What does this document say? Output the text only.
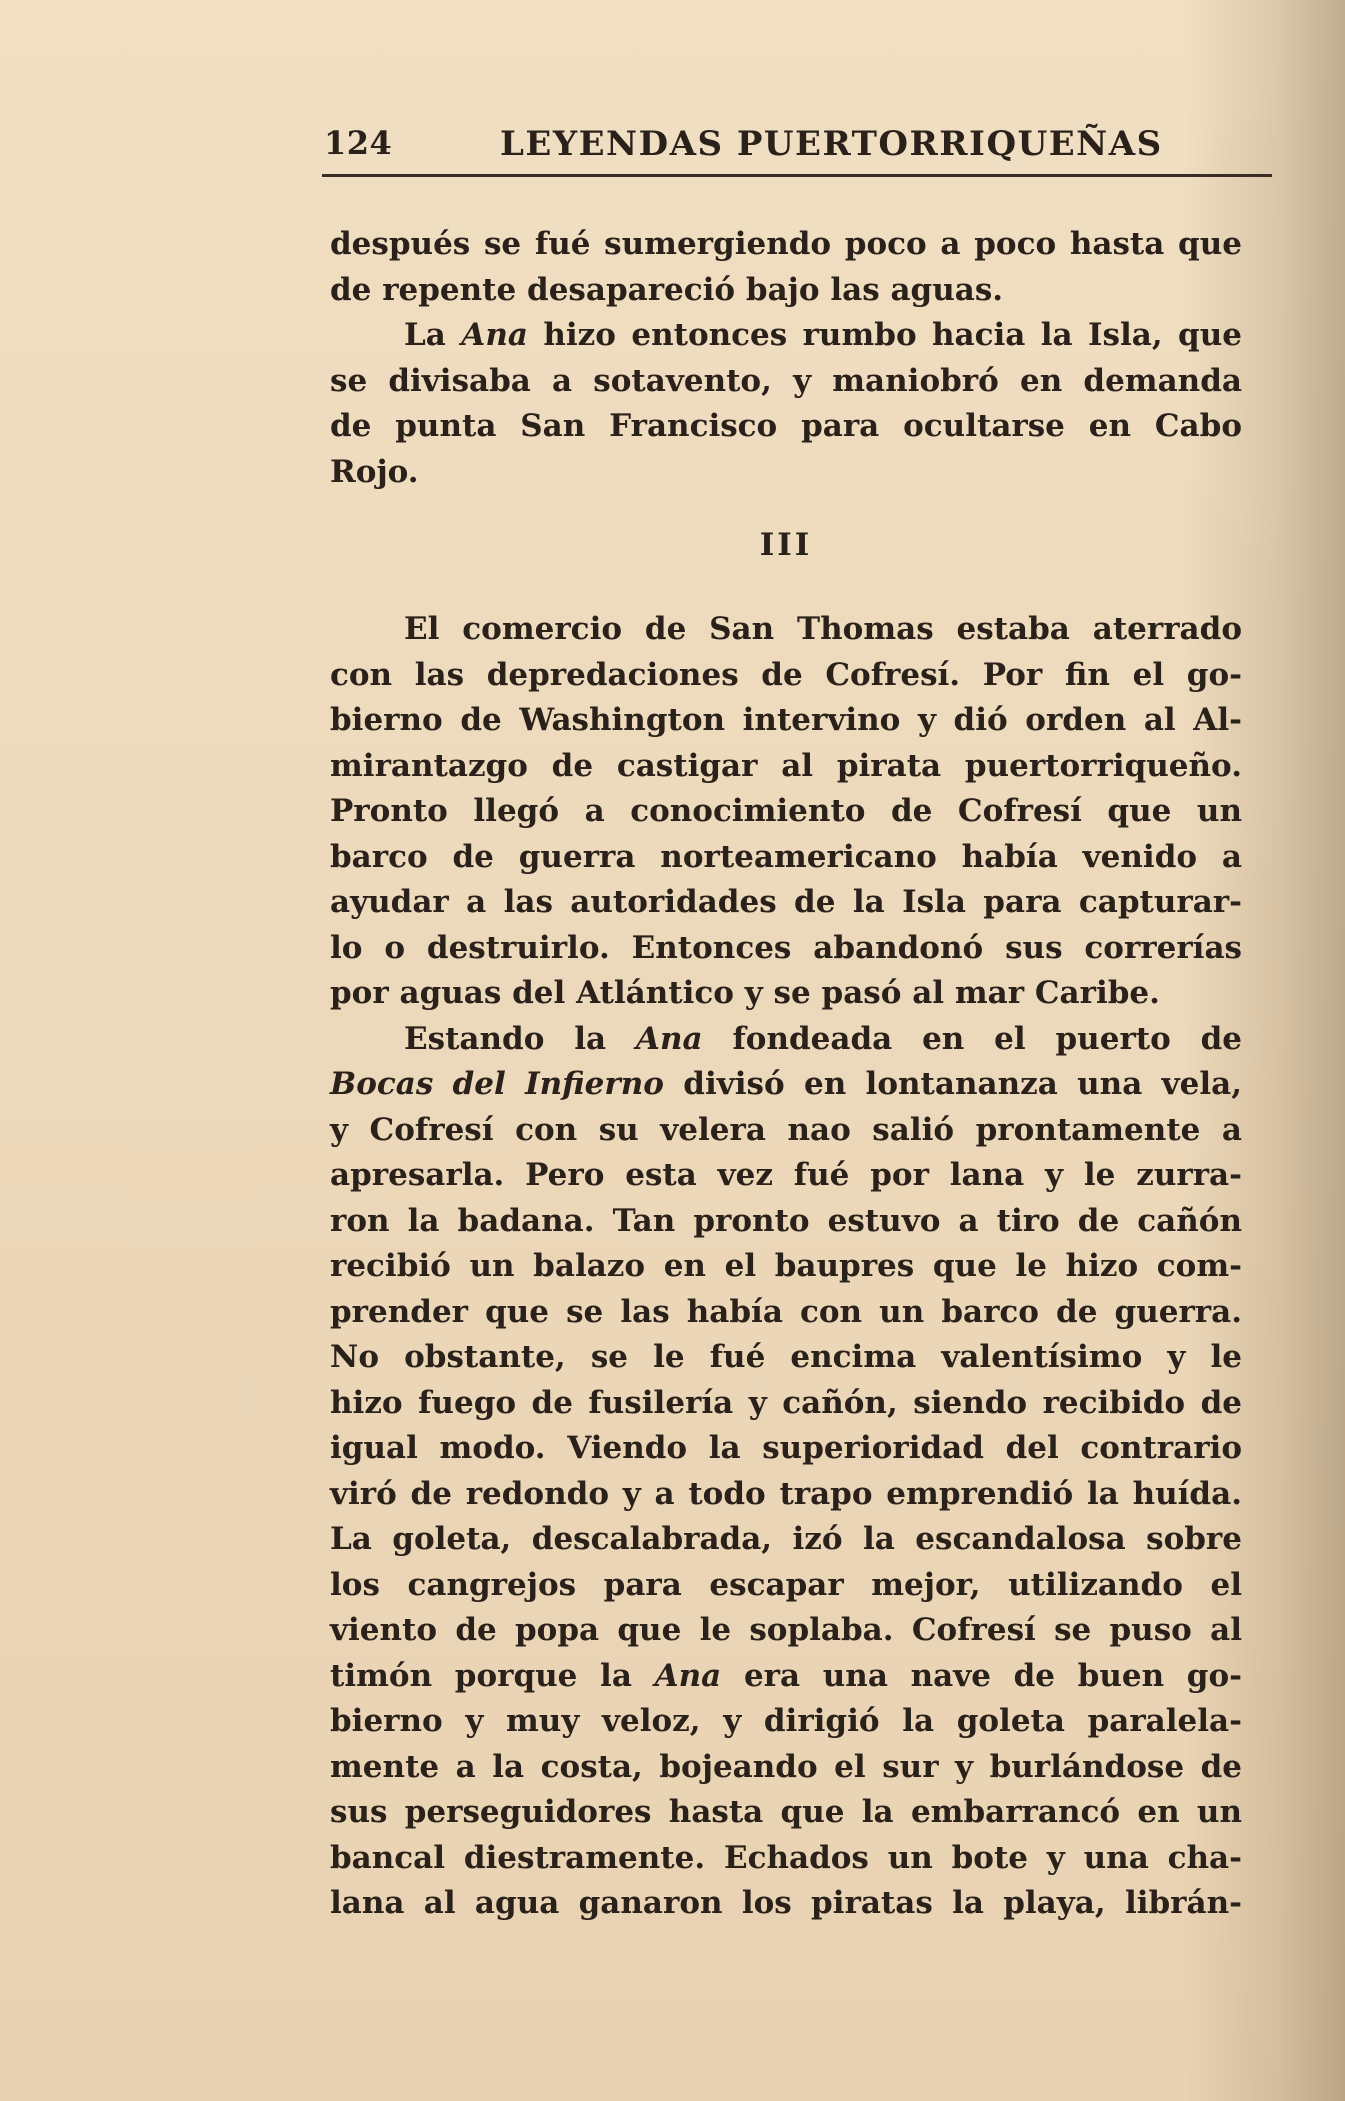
124	LEYENDAS PUERTORRIQUEÑAS
después se fué sumergiendo poco a poco hasta que
de repente desapareció bajo las aguas.
La Ana hizo entonces rumbo hacia la Isla, que
se divisaba a sotavento, y maniobró en demanda
de punta San Francisco para ocultarse en Cabo
Rojo.
III
El comercio de San Thomas estaba aterrado
con las depredaciones de Cofresí. Por fin el go-
bierno de Washington intervino y dió orden al Al-
mirantazgo de castigar al pirata puertorriqueño.
Pronto llegó a conocimiento de Cofresí que un
barco de guerra norteamericano había venido a
ayudar a las autoridades de la Isla para capturar-
lo o destruirlo. Entonces abandonó sus correrías
por aguas del Atlántico y se pasó al mar Caribe.
Estando la Ana fondeada en el puerto de
Bocas del Infierno divisó en lontananza una vela,
y Cofresí con su velera nao salió prontamente a
apresarla. Pero esta vez fué por lana y le zurra-
ron la badana. Tan pronto estuvo a tiro de cañón
recibió un balazo en el baupres que le hizo com-
prender que se las había con un barco de guerra.
No obstante, se le fué encima valentísimo y le
hizo fuego de fusilería y cañón, siendo recibido de
igual modo. Viendo la superioridad del contrario
viró de redondo y a todo trapo emprendió la huída.
La goleta, descalabrada, izó la escandalosa sobre
los cangrejos para escapar mejor, utilizando el
viento de popa que le soplaba. Cofresí se puso al
timón porque la Ana era una nave de buen go-
bierno y muy veloz, y dirigió la goleta paralela-
mente a la costa, bojeando el sur y burlándose de
sus perseguidores hasta que la embarrancó en un
bancal diestramente. Echados un bote y una cha-
lana al agua ganaron los piratas la playa, librán-
